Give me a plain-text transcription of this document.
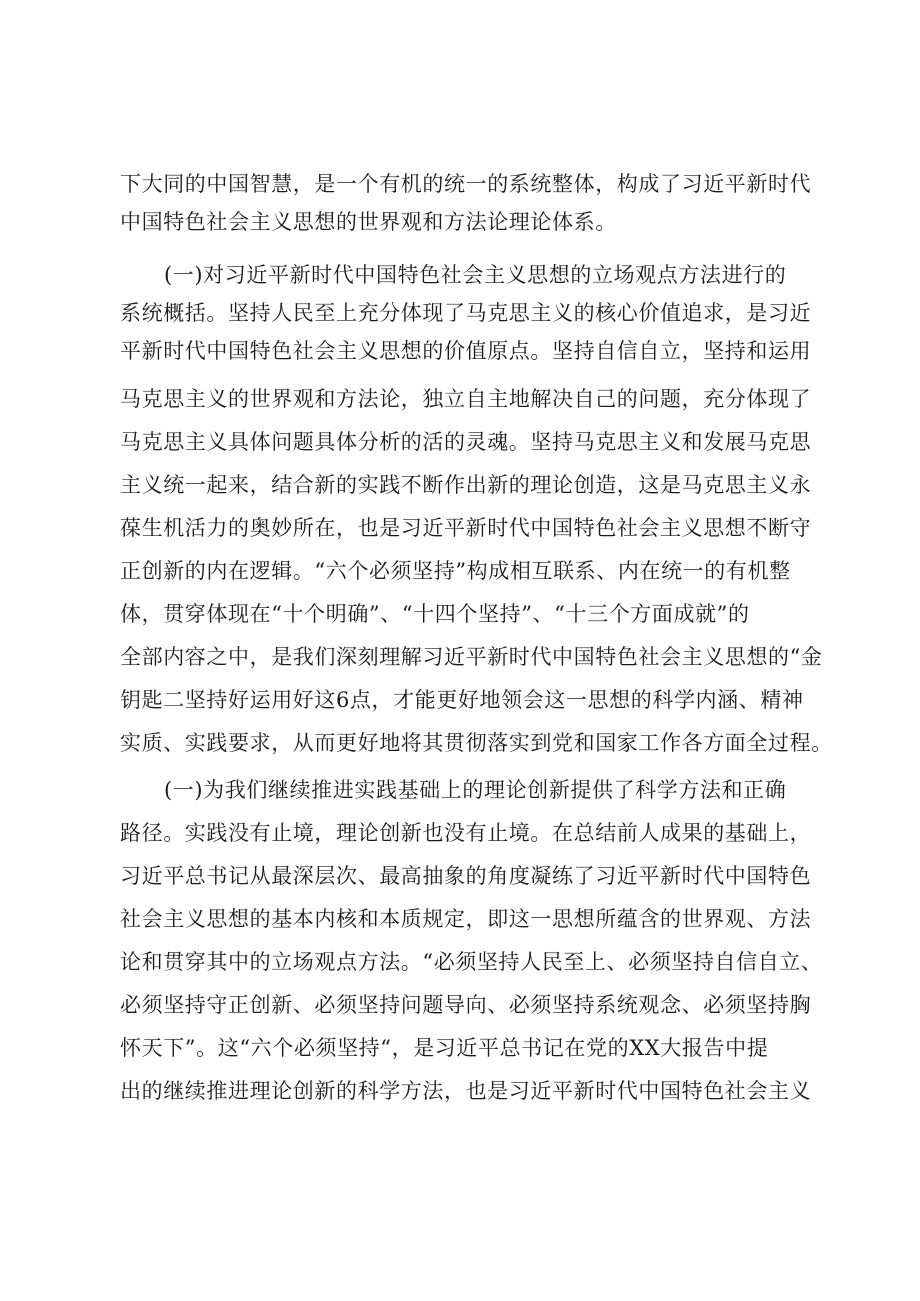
下大同的中国智慧，是一个有机的统一的系统整体，构成了习近平新时代
中国特色社会主义思想的世界观和方法论理论体系。
(一)对习近平新时代中国特色社会主义思想的立场观点方法进行的
系统概括。坚持人民至上充分体现了马克思主义的核心价值追求，是习近
平新时代中国特色社会主义思想的价值原点。坚持自信自立，坚持和运用
马克思主义的世界观和方法论，独立自主地解决自己的问题，充分体现了
马克思主义具体问题具体分析的活的灵魂。坚持马克思主义和发展马克思
主义统一起来，结合新的实践不断作出新的理论创造，这是马克思主义永
葆生机活力的奥妙所在，也是习近平新时代中国特色社会主义思想不断守
正创新的内在逻辑。“六个必须坚持”构成相互联系、内在统一的有机整
体，贯穿体现在“十个明确”、“十四个坚持”、“十三个方面成就”的
全部内容之中，是我们深刻理解习近平新时代中国特色社会主义思想的“金
钥匙二坚持好运用好这6点，才能更好地领会这一思想的科学内涵、精神
实质、实践要求，从而更好地将其贯彻落实到党和国家工作各方面全过程。
(一)为我们继续推进实践基础上的理论创新提供了科学方法和正确
路径。实践没有止境，理论创新也没有止境。在总结前人成果的基础上，
习近平总书记从最深层次、最高抽象的角度凝练了习近平新时代中国特色
社会主义思想的基本内核和本质规定，即这一思想所蕴含的世界观、方法
论和贯穿其中的立场观点方法。“必须坚持人民至上、必须坚持自信自立、
必须坚持守正创新、必须坚持问题导向、必须坚持系统观念、必须坚持胸
怀天下”。这“六个必须坚持“，是习近平总书记在党的XX大报告中提
出的继续推进理论创新的科学方法，也是习近平新时代中国特色社会主义
